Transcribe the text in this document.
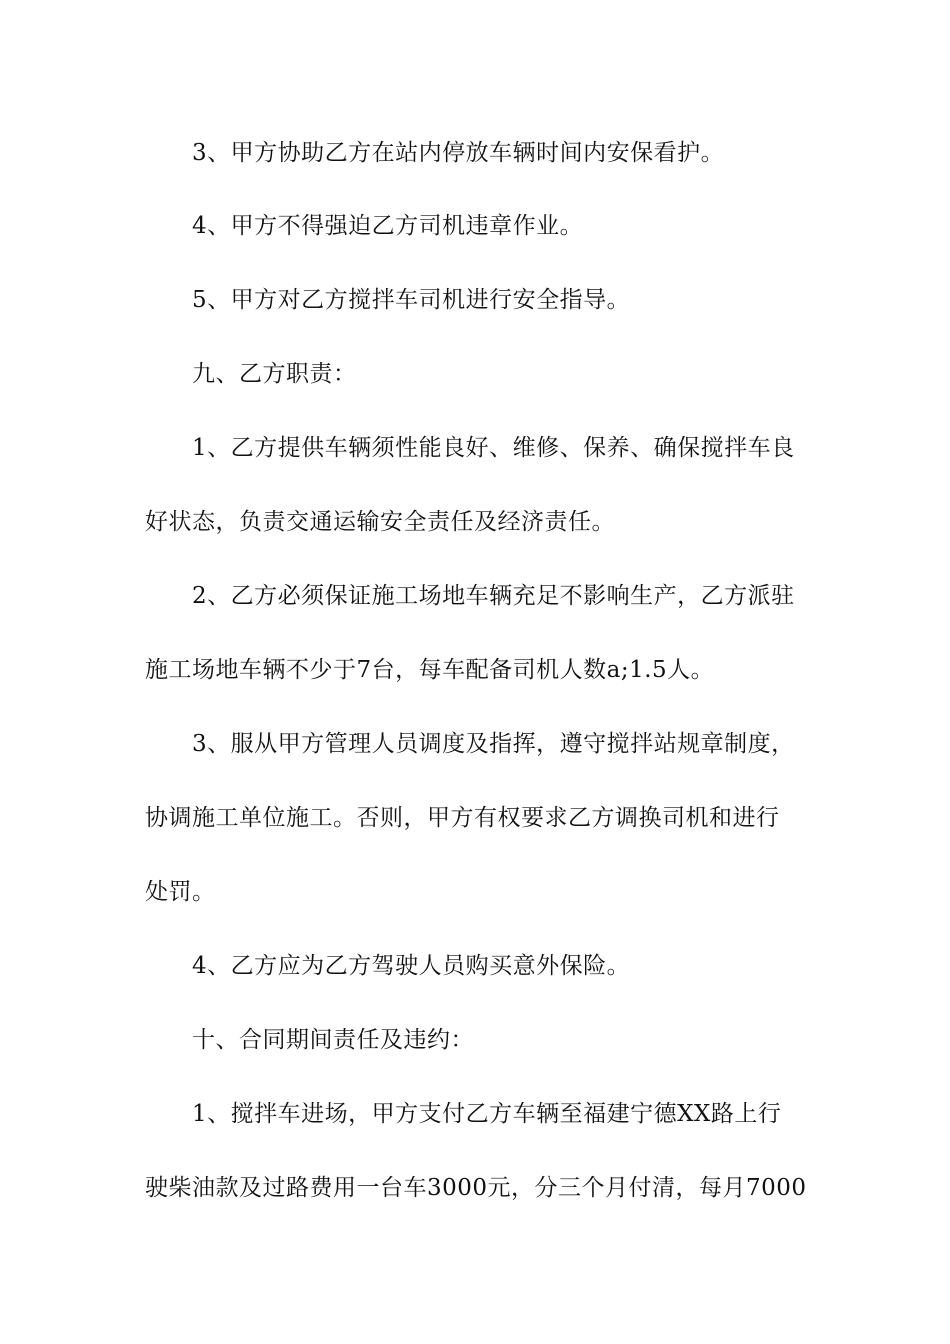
3、甲方协助乙方在站内停放车辆时间内安保看护。
4、甲方不得强迫乙方司机违章作业。
5、甲方对乙方搅拌车司机进行安全指导。
九、乙方职责：
1、乙方提供车辆须性能良好、维修、保养、确保搅拌车良
好状态，负责交通运输安全责任及经济责任。
2、乙方必须保证施工场地车辆充足不影响生产，乙方派驻
施工场地车辆不少于7台，每车配备司机人数a;1.5人。
3、服从甲方管理人员调度及指挥，遵守搅拌站规章制度，
协调施工单位施工。否则，甲方有权要求乙方调换司机和进行
处罚。
4、乙方应为乙方驾驶人员购买意外保险。
十、合同期间责任及违约：
1、搅拌车进场，甲方支付乙方车辆至福建宁德XX路上行
驶柴油款及过路费用一台车3000元，分三个月付清，每月7000
